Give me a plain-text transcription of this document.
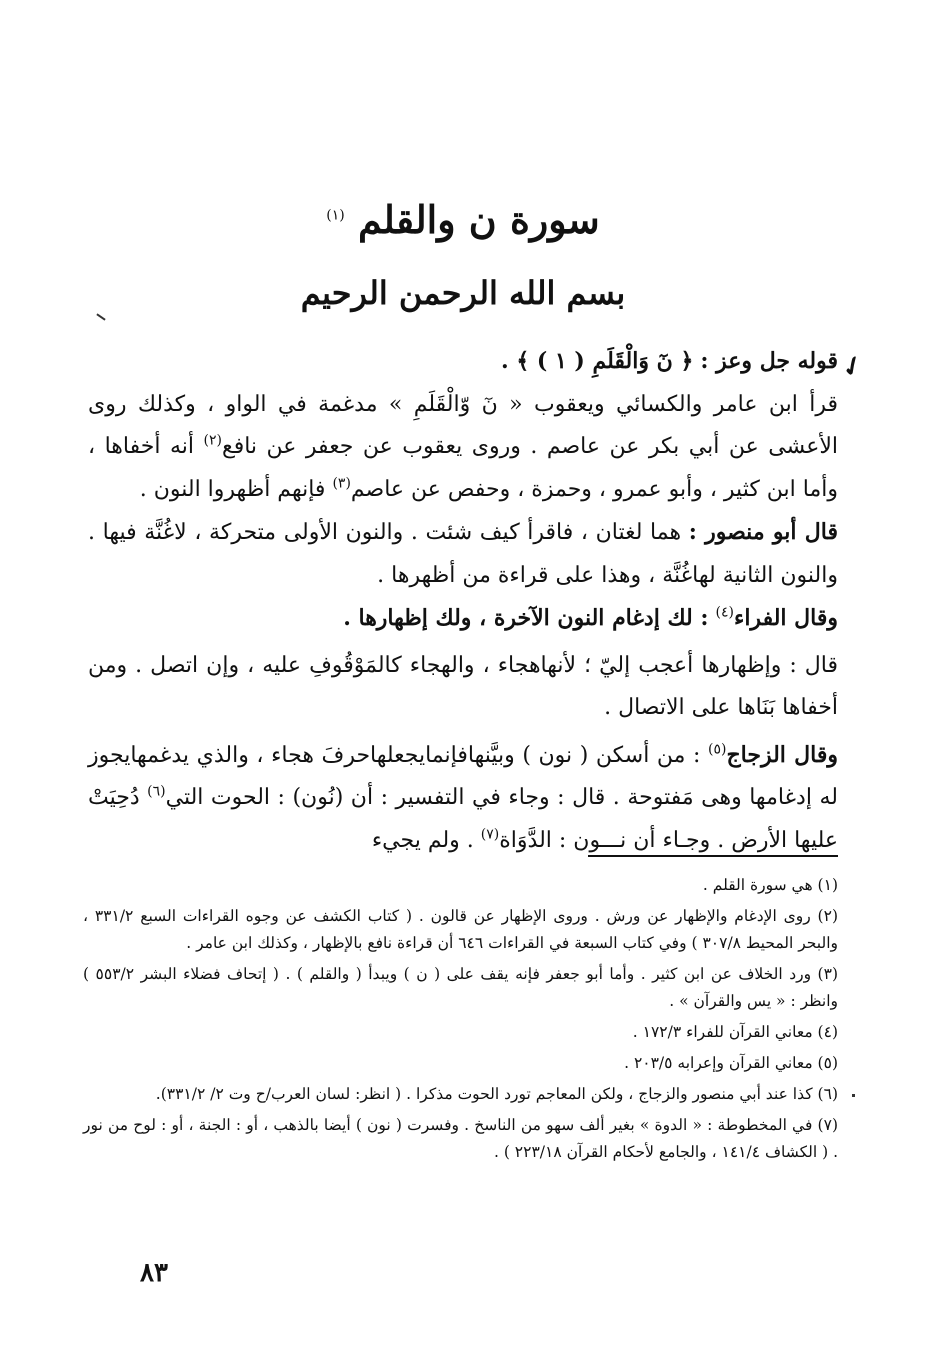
سورة ن والقلم $^{(١)}$
بسم الله الرحمن الرحيم
✓

قوله جل وعز : ﴿ نٓ وَالْقَلَمِ ( ١ ) ﴾ .

قرأ ابن عامر والكسائي ويعقوب « نٓ وّالْقَلَمِ » مدغمة في الواو ، وكذلك روى الأعشى عن أبي بكر عن عاصم . وروى يعقوب عن جعفر عن نافع$^{(٢)}$ أنه أخفاها ، وأما ابن كثير ، وأبو عمرو ، وحمزة ، وحفص عن عاصم$^{(٣)}$ فإنهم أظهروا النون .

قال أبو منصور : هما لغتان ، فاقرأ كيف شئت . والنون الأولى متحركة ، لاغُنَّة فيها . والنون الثانية لهاغُنَّة ، وهذا على قراءة من أظهرها .

وقال الفراء$^{(٤)}$ : لك إدغام النون الآخرة ، ولك إظهارها .

قال : وإظهارها أعجب إليّ ؛ لأنهاهجاء ، والهجاء كالمَوْقُوفِ عليه ، وإن اتصل . ومن أخفاها بَنَاها على الاتصال .

وقال الزجاج$^{(٥)}$ : من أسكن ( نون ) وبيَّنهافإنمايجعلهاحرفَ هجاء ، والذي يدغمهايجوز له إدغامها وهى مَفتوحة . قال : وجاء في التفسير : أن (نُون) : الحوت التي$^{(٦)}$ دُحِيَتْ عليها الأرض . وجـاء أن نـــون : الدَّوَاة$^{(٧)}$ . ولم يجيء

(١) هي سورة القلم .

(٢) روى الإدغام والإظهار عن ورش . وروى الإظهار عن قالون . ( كتاب الكشف عن وجوه القراءات السبع ٣٣١/٢ ، والبحر المحيط ٣٠٧/٨ ) وفي كتاب السبعة في القراءات ٦٤٦ أن قراءة نافع بالإظهار ، وكذلك ابن عامر .

(٣) ورد الخلاف عن ابن كثير . وأما أبو جعفر فإنه يقف على ( ن ) ويبدأ ( والقلم ) . ( إتحاف فضلاء البشر ٥٥٣/٢ ) وانظر : « يس والقرآن » .

(٤) معاني القرآن للفراء ١٧٢/٣ .

(٥) معاني القرآن وإعرابه ٢٠٣/٥ .

(٦) كذا عند أبي منصور والزجاج ، ولكن المعاجم تورد الحوت مذكرا . ( انظر: لسان العرب/ح وت ٢/ ٣٣١/٢).

(٧) في المخطوطة : « الدوة » بغير ألف سهو من الناسخ . وفسرت ( نون ) أيضا بالذهب ، أو : الجنة ، أو : لوح من نور . ( الكشاف ١٤١/٤ ، والجامع لأحكام القرآن ٢٢٣/١٨ ) .

٨٣
